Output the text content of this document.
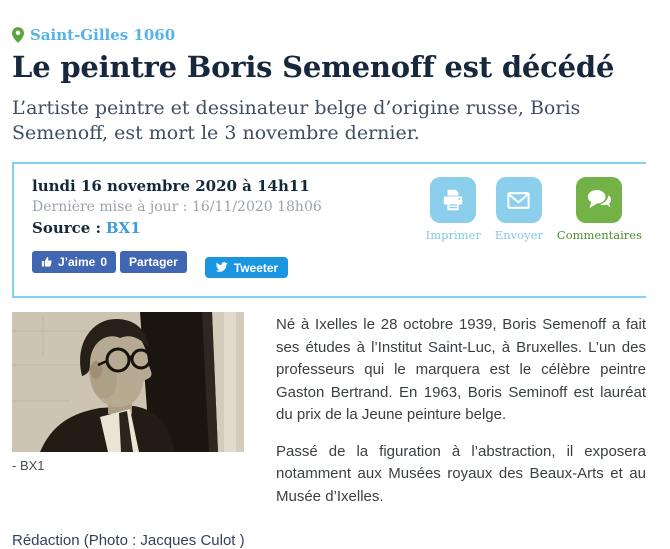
Saint-Gilles 1060
Le peintre Boris Semenoff est décédé
L’artiste peintre et dessinateur belge d’origine russe, Boris Semenoff, est mort le 3 novembre dernier.
lundi 16 novembre 2020 à 14h11
Dernière mise à jour : 16/11/2020 18h06
Source : BX1
J’aime 0 Partager	Tweeter
Imprimer Envoyer Commentaires
- BX1

Né à Ixelles le 28 octobre 1939, Boris Semenoff a fait ses études à l’Institut Saint-Luc, à Bruxelles. L’un des professeurs qui le marquera est le célèbre peintre Gaston Bertrand. En 1963, Boris Seminoff est lauréat du prix de la Jeune peinture belge.

Passé de la figuration à l’abstraction, il exposera notamment aux Musées royaux des Beaux-Arts et au Musée d’Ixelles.

Rédaction (Photo : Jacques Culot )
